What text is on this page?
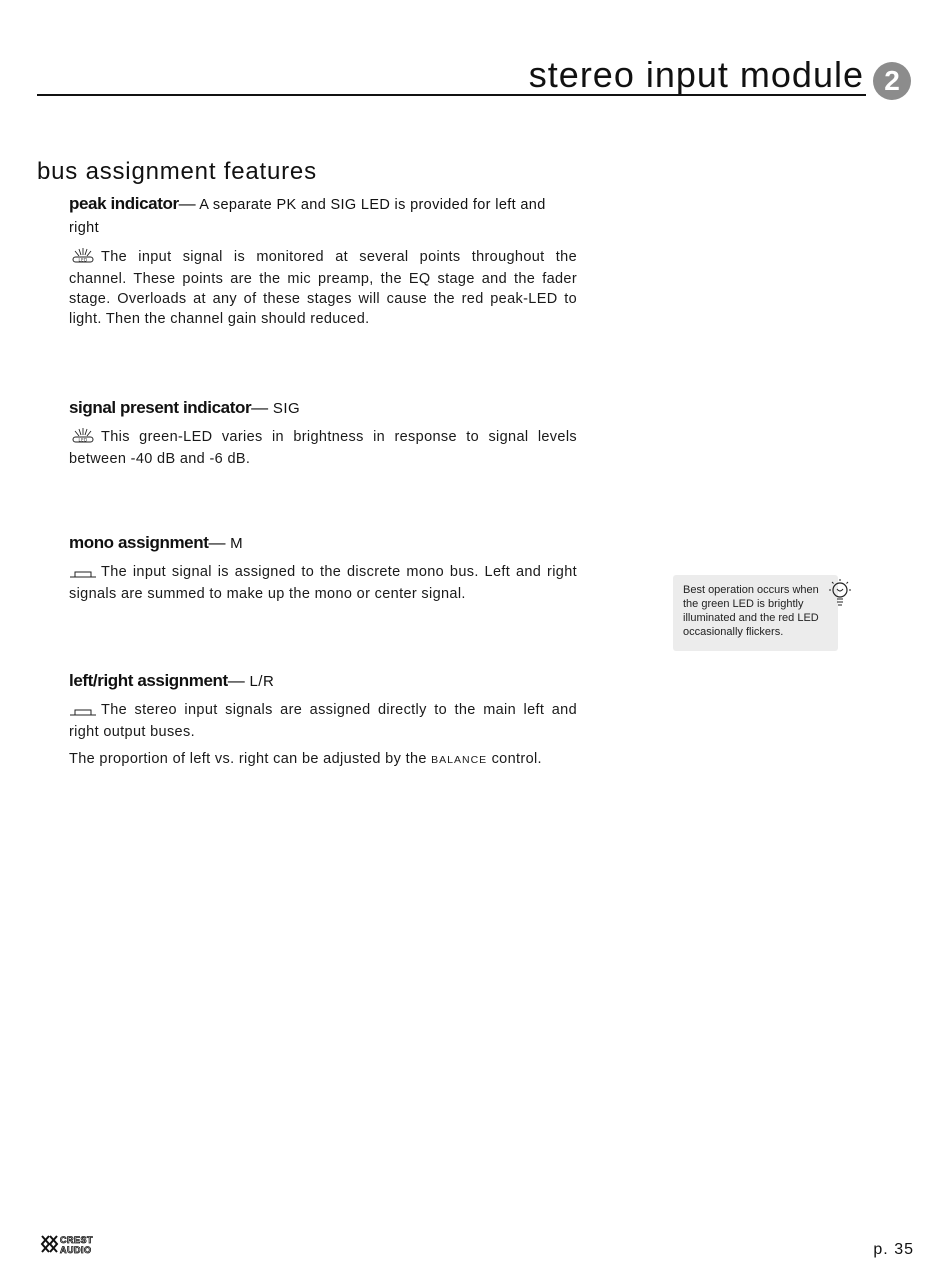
stereo input module 2
bus assignment features

peak indicator— A separate PK and SIG LED is provided for left and right

LED The input signal is monitored at several points throughout the channel. These points are the mic preamp, the EQ stage and the fader stage. Overloads at any of these stages will cause the red peak-LED to light. Then the channel gain should reduced.

signal present indicator— SIG

LED This green-LED varies in brightness in response to signal levels between -40 dB and -6 dB.

mono assignment— M

The input signal is assigned to the discrete mono bus. Left and right signals are summed to make up the mono or center signal.

left/right assignment— L/R

The stereo input signals are assigned directly to the main left and right output buses.

The proportion of left vs. right can be adjusted by the BALANCE control.

Best operation occurs when the green LED is brightly illuminated and the red LED occasionally flickers.
CREST
AUDIO	p. 35
